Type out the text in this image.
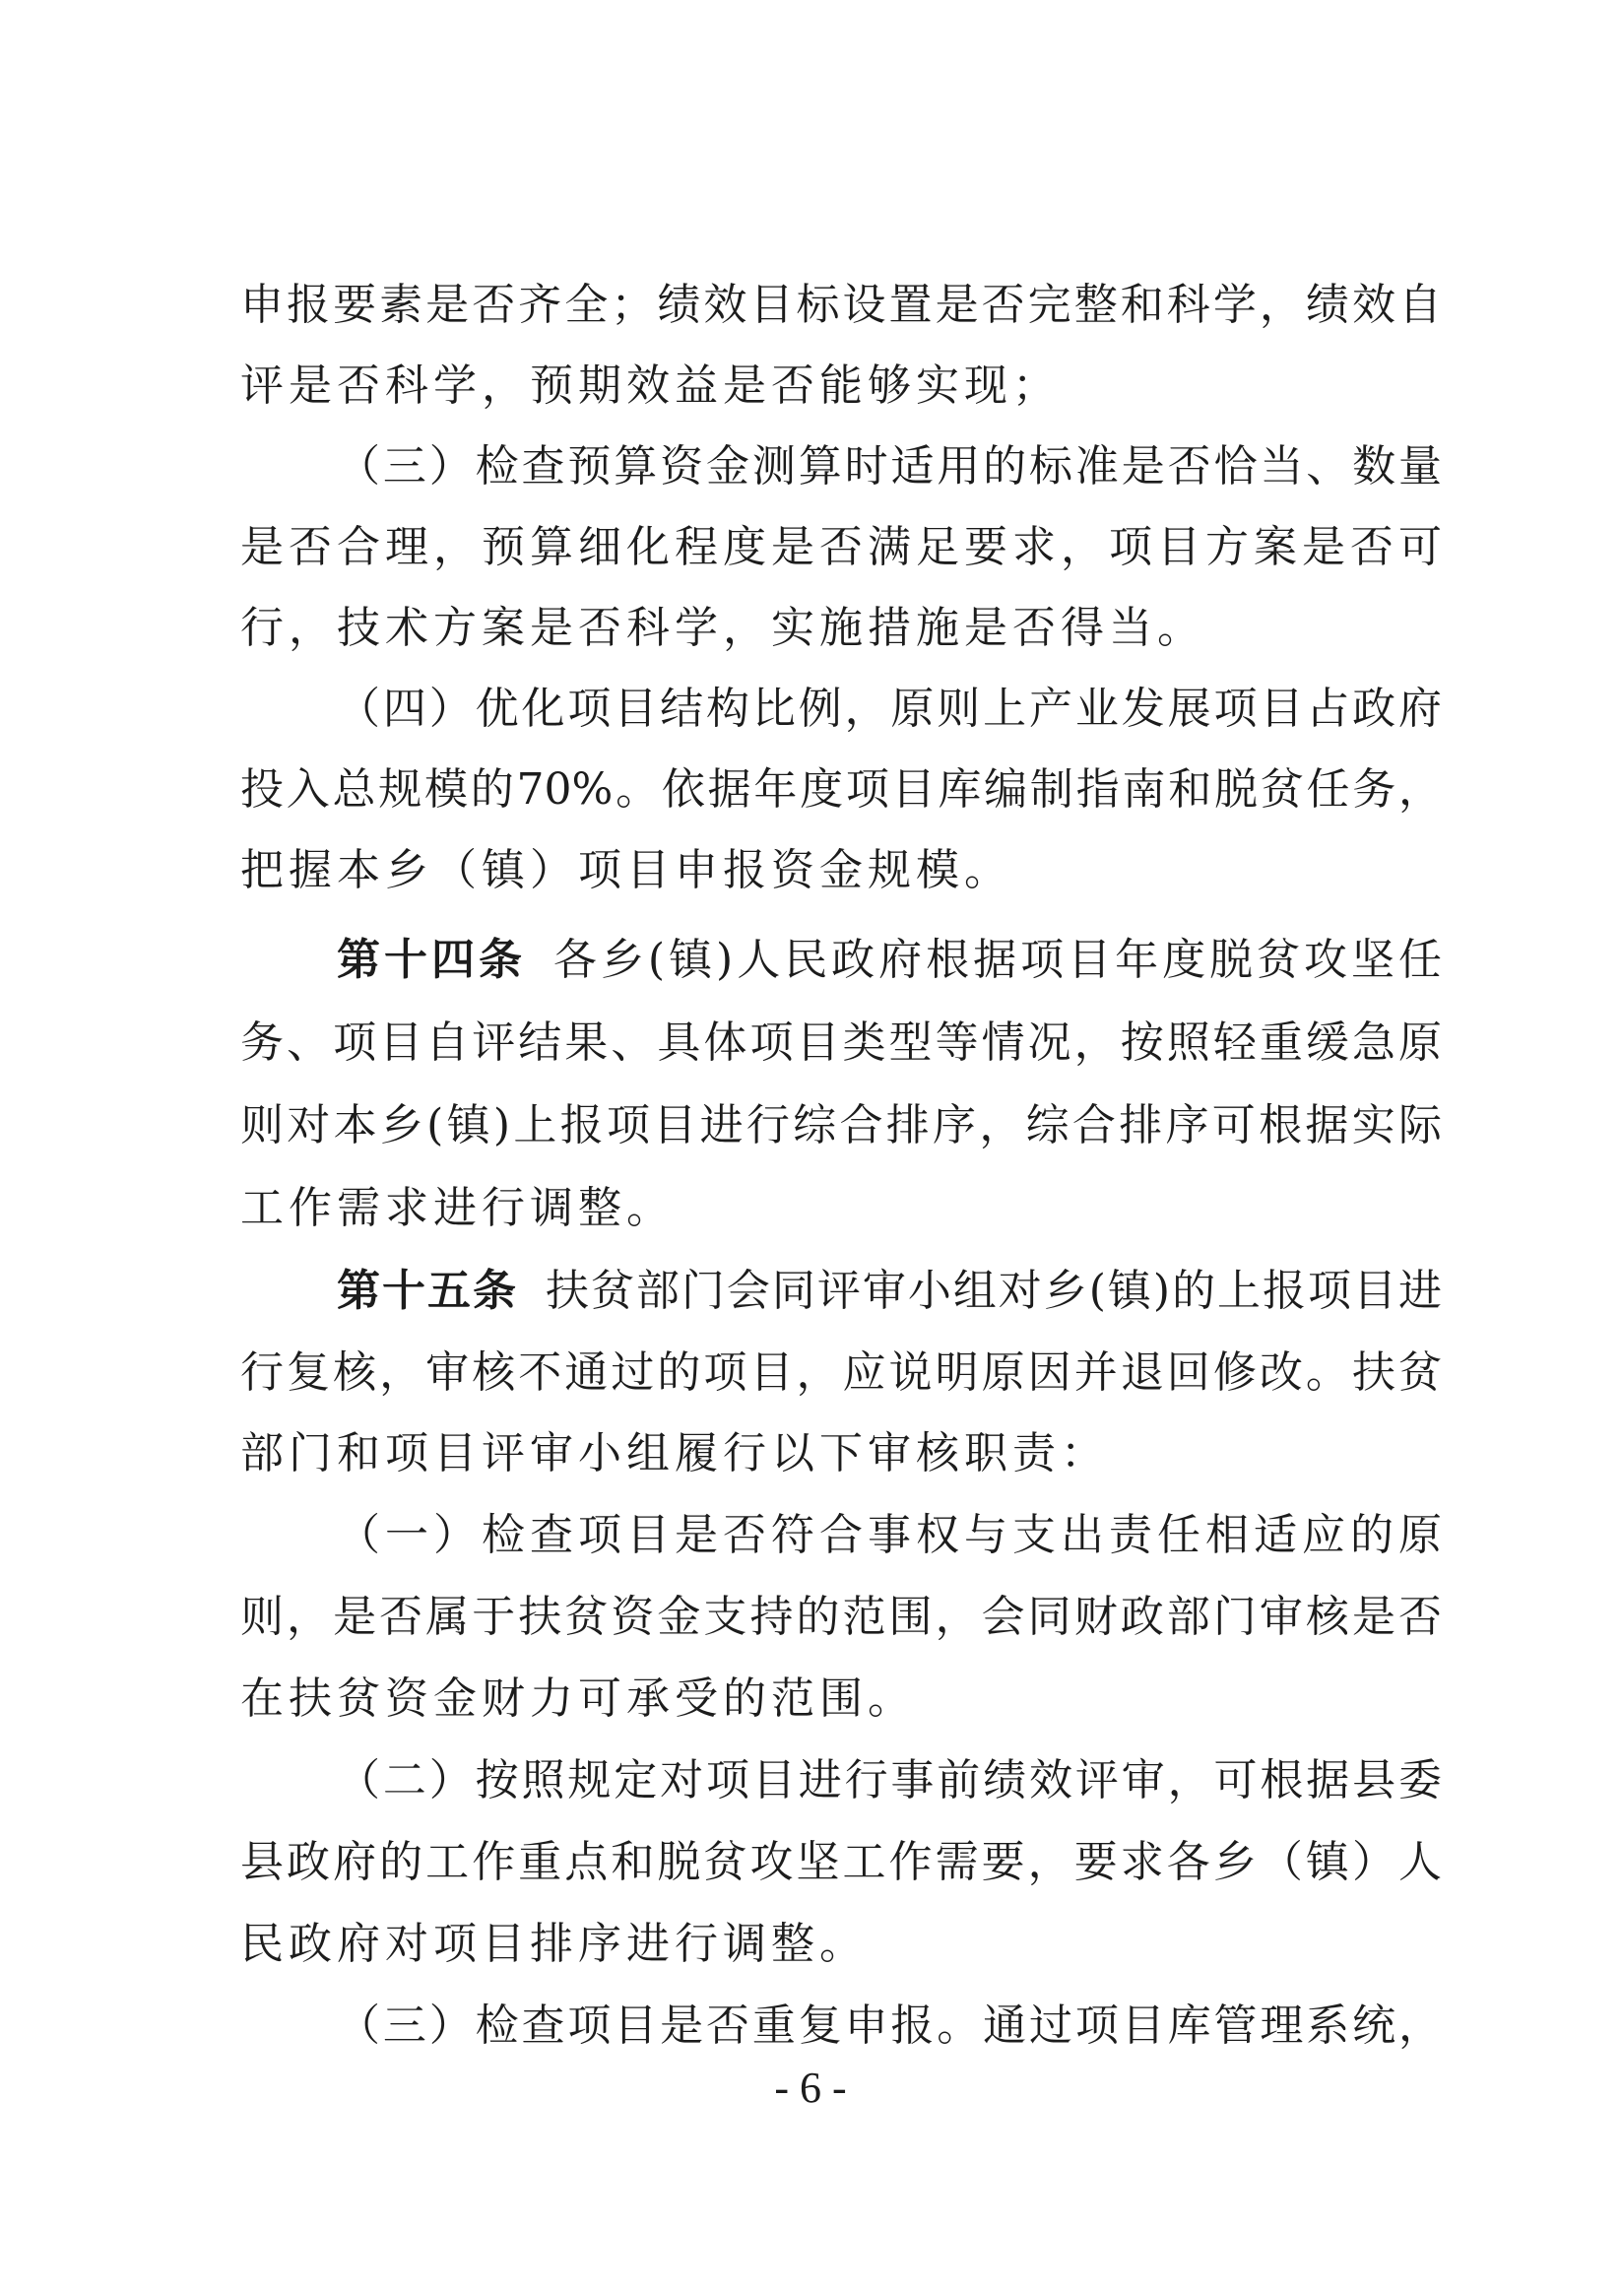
申报要素是否齐全；绩效目标设置是否完整和科学，绩效自
评是否科学，预期效益是否能够实现；
（三）检查预算资金测算时适用的标准是否恰当、数量
是否合理，预算细化程度是否满足要求，项目方案是否可
行，技术方案是否科学，实施措施是否得当。
（四）优化项目结构比例，原则上产业发展项目占政府
投入总规模的70%。依据年度项目库编制指南和脱贫任务，
把握本乡（镇）项目申报资金规模。
第十四条 各乡(镇)人民政府根据项目年度脱贫攻坚任
务、项目自评结果、具体项目类型等情况，按照轻重缓急原
则对本乡(镇)上报项目进行综合排序，综合排序可根据实际
工作需求进行调整。
第十五条 扶贫部门会同评审小组对乡(镇)的上报项目进
行复核，审核不通过的项目，应说明原因并退回修改。扶贫
部门和项目评审小组履行以下审核职责：
（一）检查项目是否符合事权与支出责任相适应的原
则，是否属于扶贫资金支持的范围，会同财政部门审核是否
在扶贫资金财力可承受的范围。
（二）按照规定对项目进行事前绩效评审，可根据县委
县政府的工作重点和脱贫攻坚工作需要，要求各乡（镇）人
民政府对项目排序进行调整。
（三）检查项目是否重复申报。通过项目库管理系统，
- 6 -
